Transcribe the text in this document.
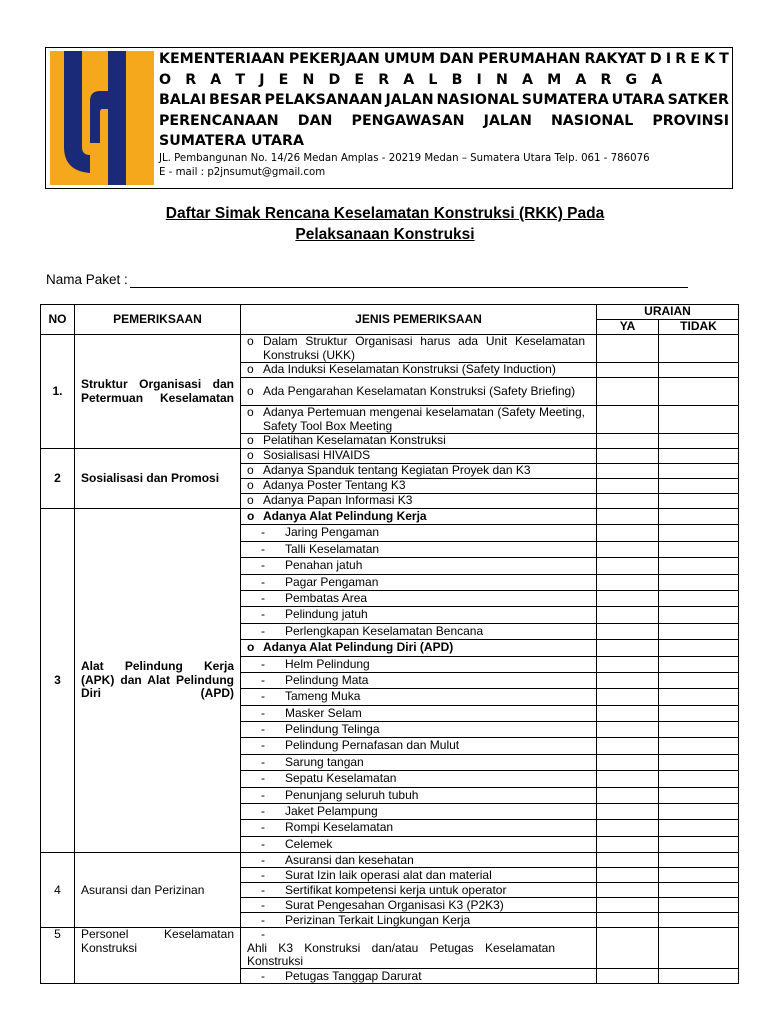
KEMENTERIAAN PEKERJAAN UMUM DAN PERUMAHAN RAKYAT D I R E K T
O R A T J E N D E R A L B I N A M A R G A
BALAI BESAR PELAKSANAAN JALAN NASIONAL SUMATERA UTARA SATKER
PERENCANAAN DAN PENGAWASAN JALAN NASIONAL PROVINSI
SUMATERA UTARA
JL. Pembangunan No. 14/26 Medan Amplas - 20219 Medan – Sumatera Utara Telp. 061 - 786076
E - mail : p2jnsumut@gmail.com
Daftar Simak Rencana Keselamatan Konstruksi (RKK) Pada
Pelaksanaan Konstruksi
Nama Paket :
NO	PEMERIKSAAN	JENIS PEMERIKSAAN	URAIAN	
			YA	TIDAK
1.	Struktur Organisasi dan Petermuan Keselamatan	o Dalam Struktur Organisasi harus ada Unit Keselamatan Konstruksi (UKK)		
		o Ada Induksi Keselamatan Konstruksi (Safety Induction)		
		o Ada Pengarahan Keselamatan Konstruksi (Safety Briefing)		
		o Adanya Pertemuan mengenai keselamatan (Safety Meeting, Safety Tool Box Meeting		
		o Pelatihan Keselamatan Konstruksi		
2	Sosialisasi dan Promosi	o Sosialisasi HIVAIDS		
		o Adanya Spanduk tentang Kegiatan Proyek dan K3		
		o Adanya Poster Tentang K3		
		o Adanya Papan Informasi K3		
3	Alat Pelindung Kerja (APK) dan Alat Pelindung Diri (APD)	o Adanya Alat Pelindung Kerja		
		- Jaring Pengaman		
		- Talli Keselamatan		
		- Penahan jatuh		
		- Pagar Pengaman		
		- Pembatas Area		
		- Pelindung jatuh		
		- Perlengkapan Keselamatan Bencana		
		o Adanya Alat Pelindung Diri (APD)		
		- Helm Pelindung		
		- Pelindung Mata		
		- Tameng Muka		
		- Masker Selam		
		- Pelindung Telinga		
		- Pelindung Pernafasan dan Mulut		
		- Sarung tangan		
		- Sepatu Keselamatan		
		- Penunjang seluruh tubuh		
		- Jaket Pelampung		
		- Rompi Keselamatan		
		- Celemek		
4	Asuransi dan Perizinan	- Asuransi dan kesehatan		
		- Surat Izin laik operasi alat dan material		
		- Sertifikat kompetensi kerja untuk operator		
		- Surat Pengesahan Organisasi K3 (P2K3)		
		- Perizinan Terkait Lingkungan Kerja		
5	Personel Keselamatan Konstruksi	-Ahli K3 Konstruksi dan/atau Petugas Keselamatan Konstruksi		
		- Petugas Tanggap Darurat		
